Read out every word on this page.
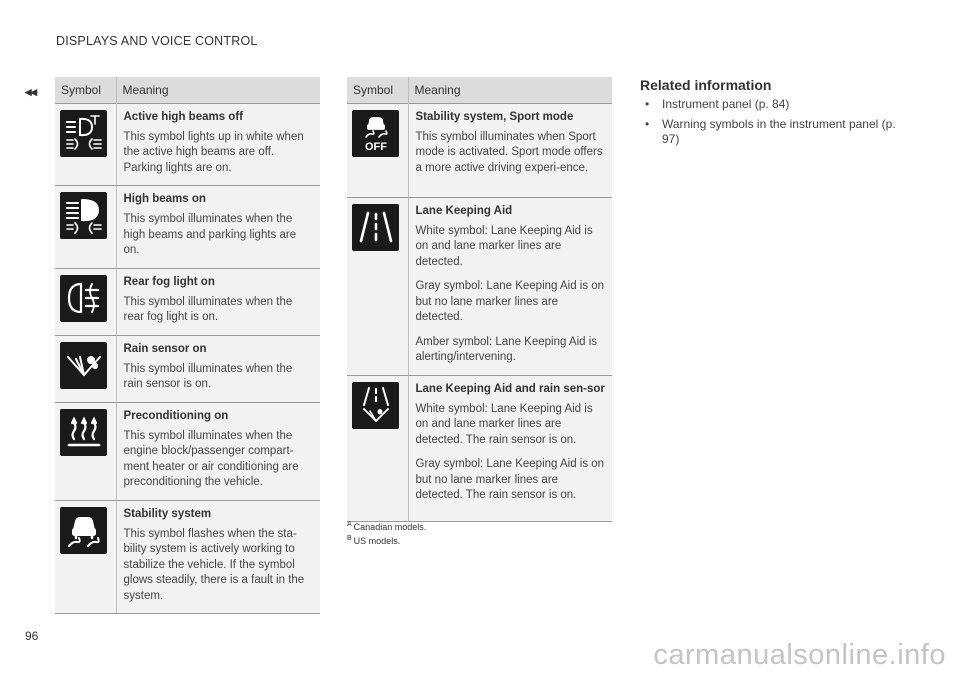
DISPLAYS AND VOICE CONTROL
◂◂ Symbol	Meaning

Active high beams off
This symbol lights up in white when the active high beams are off. Parking lights are on.

High beams on
This symbol illuminates when the high beams and parking lights are on.

Rear fog light on
This symbol illuminates when the rear fog light is on.

Rain sensor on
This symbol illuminates when the rain sensor is on.

Preconditioning on
This symbol illuminates when the engine block/passenger compart-ment heater or air conditioning are preconditioning the vehicle.

Stability system
This symbol flashes when the sta-bility system is actively working to stabilize the vehicle. If the symbol glows steadily, there is a fault in the system.
Symbol	Meaning

OFF	Stability system, Sport mode
This symbol illuminates when Sport mode is activated. Sport mode offers a more active driving experi-ence.

Lane Keeping Aid
White symbol: Lane Keeping Aid is on and lane marker lines are detected.
Gray symbol: Lane Keeping Aid is on but no lane marker lines are detected.
Amber symbol: Lane Keeping Aid is alerting/intervening.

Lane Keeping Aid and rain sen-sor
White symbol: Lane Keeping Aid is on and lane marker lines are detected. The rain sensor is on.
Gray symbol: Lane Keeping Aid is on but no lane marker lines are detected. The rain sensor is on.
$^A$ Canadian models.
$^B$ US models.
Related information
• Instrument panel (p. 84)
• Warning symbols in the instrument panel (p. 97)
96
carmanualsonline.info
